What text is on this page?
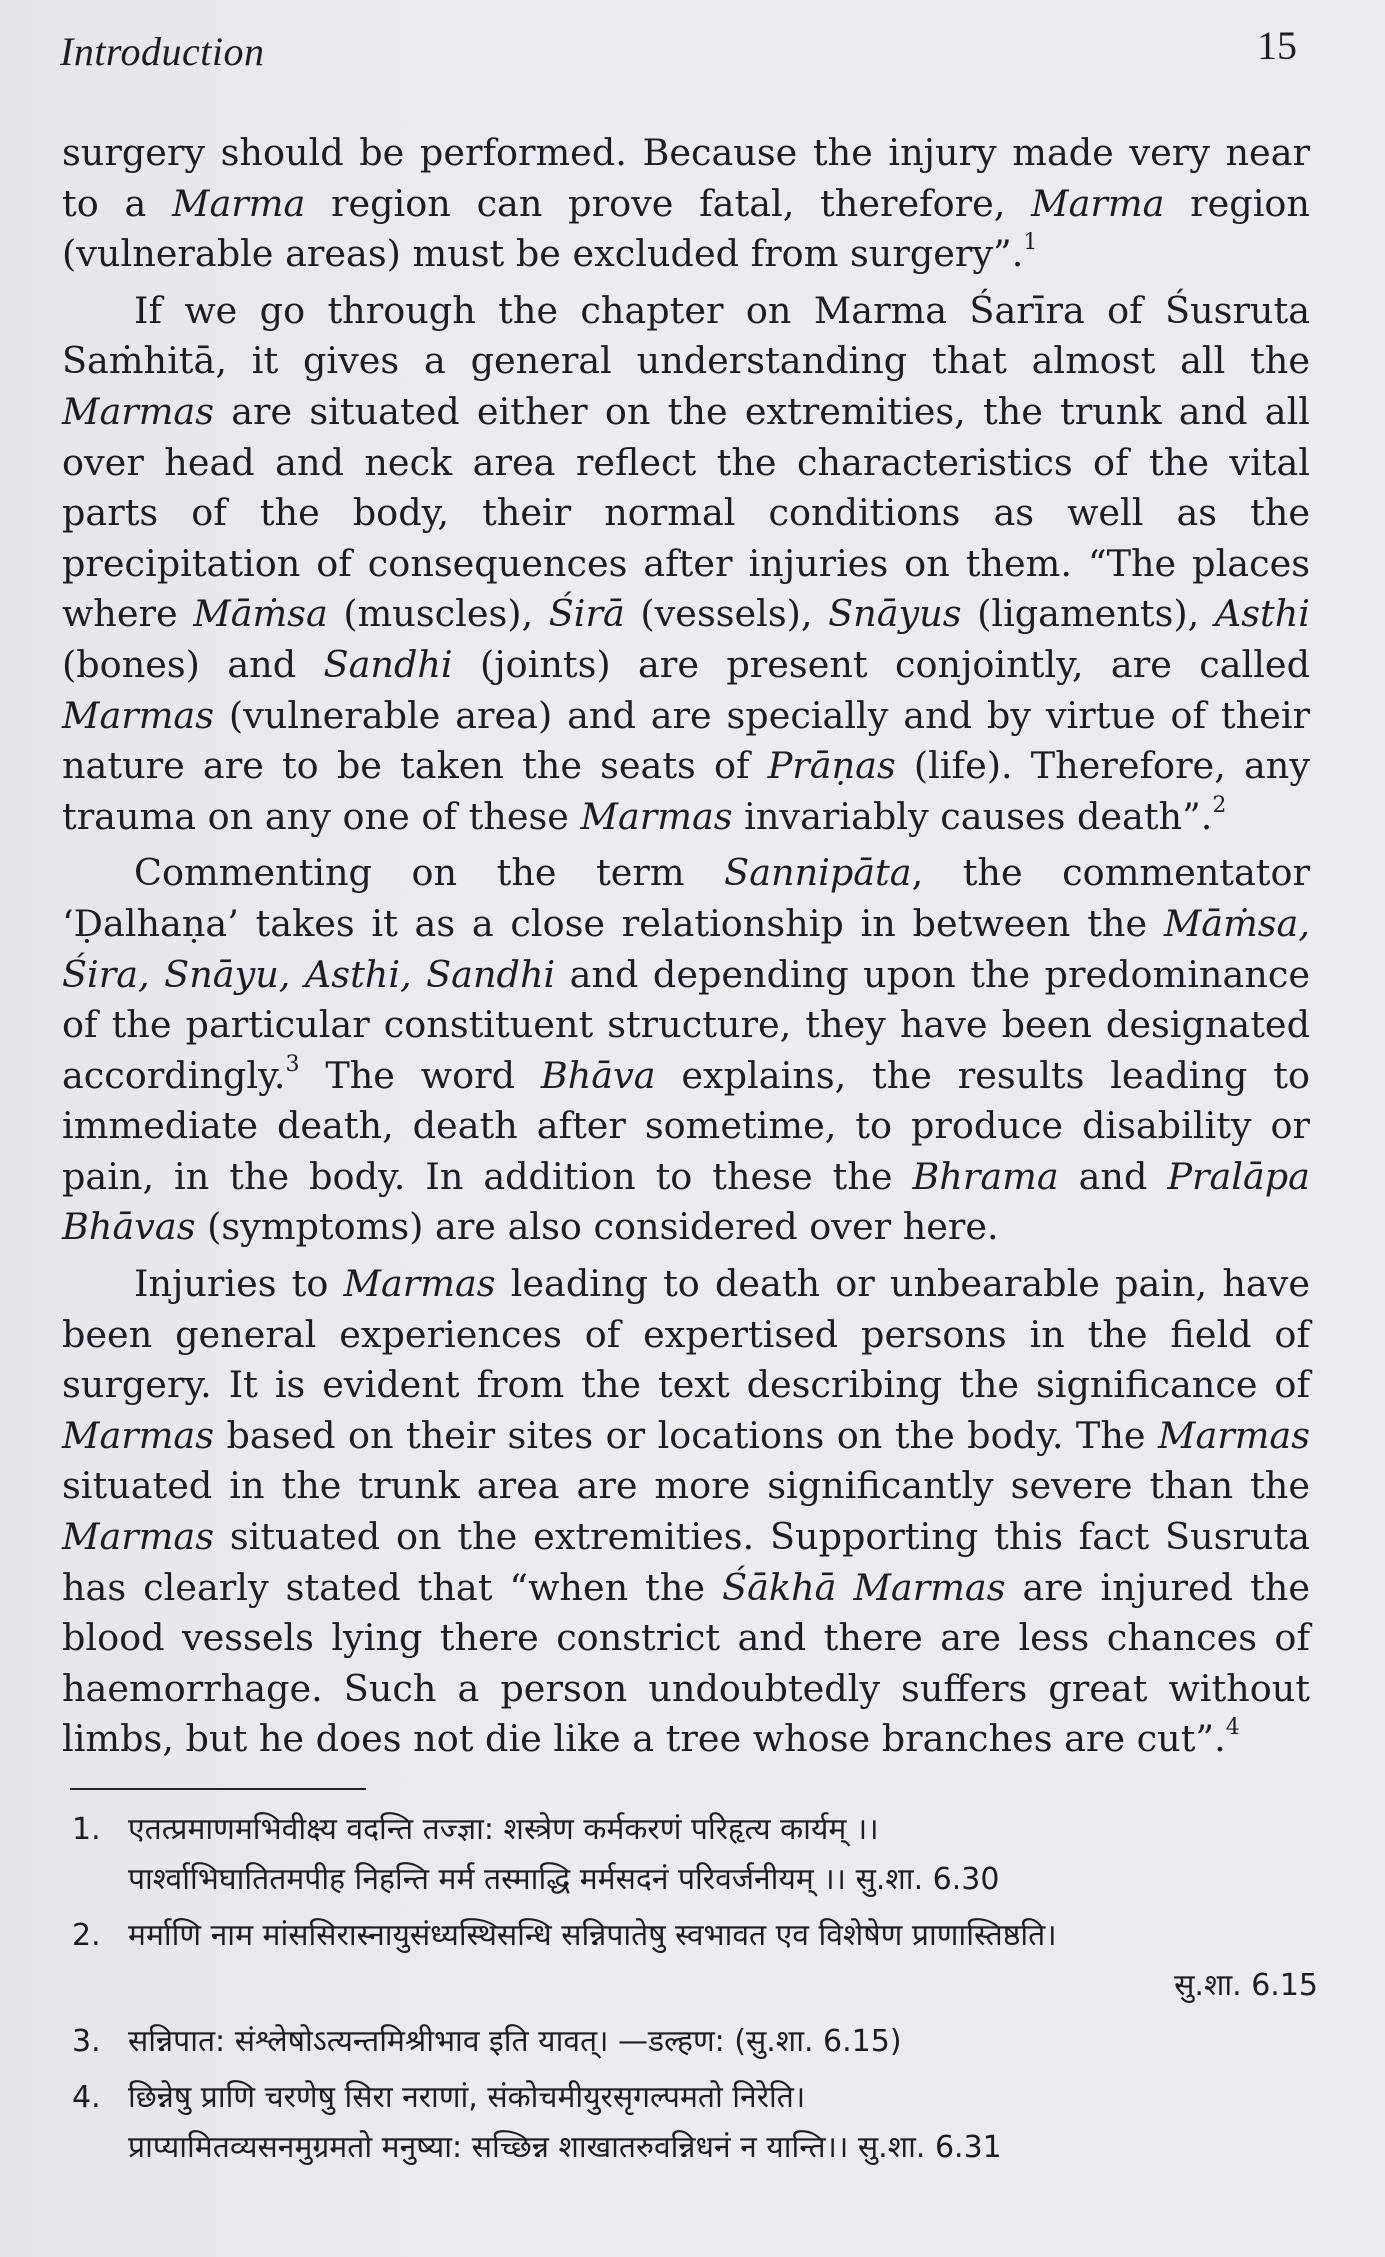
Introduction	15

surgery should be performed. Because the injury made very near to a Marma region can prove fatal, therefore, Marma region (vulnerable areas) must be excluded from surgery”.$^1$

If we go through the chapter on Marma Śarīra of Śusruta Saṁhitā, it gives a general understanding that almost all the Marmas are situated either on the extremities, the trunk and all over head and neck area reflect the characteristics of the vital parts of the body, their normal conditions as well as the precipitation of consequences after injuries on them. “The places where Māṁsa (muscles), Śirā (vessels), Snāyus (ligaments), Asthi (bones) and Sandhi (joints) are present conjointly, are called Marmas (vulnerable area) and are specially and by virtue of their nature are to be taken the seats of Prāṇas (life). Therefore, any trauma on any one of these Marmas invariably causes death”.$^2$

Commenting on the term Sannipāta, the commentator ‘Ḍalhaṇa’ takes it as a close relationship in between the Māṁsa, Śira, Snāyu, Asthi, Sandhi and depending upon the predominance of the particular constituent structure, they have been designated accordingly.$^3$ The word Bhāva explains, the results leading to immediate death, death after sometime, to produce disability or pain, in the body. In addition to these the Bhrama and Pralāpa Bhāvas (symptoms) are also considered over here.

Injuries to Marmas leading to death or unbearable pain, have been general experiences of expertised persons in the field of surgery. It is evident from the text describing the significance of Marmas based on their sites or locations on the body. The Marmas situated in the trunk area are more significantly severe than the Marmas situated on the extremities. Supporting this fact Susruta has clearly stated that “when the Śākhā Marmas are injured the blood vessels lying there constrict and there are less chances of haemorrhage. Such a person undoubtedly suffers great without limbs, but he does not die like a tree whose branches are cut”.$^4$

1. एतत्प्रमाणमभिवीक्ष्य वदन्ति तज्ज्ञा: शस्त्रेण कर्मकरणं परिहृत्य कार्यम् ।।
पार्श्वाभिघातितमपीह निहन्ति मर्म तस्माद्धि मर्मसदनं परिवर्जनीयम् ।। सु.शा. 6.30
2. मर्माणि नाम मांससिरास्नायुसंध्यस्थिसन्धि सन्निपातेषु स्वभावत एव विशेषेण प्राणास्तिष्ठति।
सु.शा. 6.15
3. सन्निपात: संश्लेषोऽत्यन्तमिश्रीभाव इति यावत्। —डल्हण: (सु.शा. 6.15)
4. छिन्नेषु प्राणि चरणेषु सिरा नराणां, संकोचमीयुरसृगल्पमतो निरेति।
प्राप्यामितव्यसनमुग्रमतो मनुष्या: सच्छिन्न शाखातरुवन्निधनं न यान्ति।। सु.शा. 6.31
